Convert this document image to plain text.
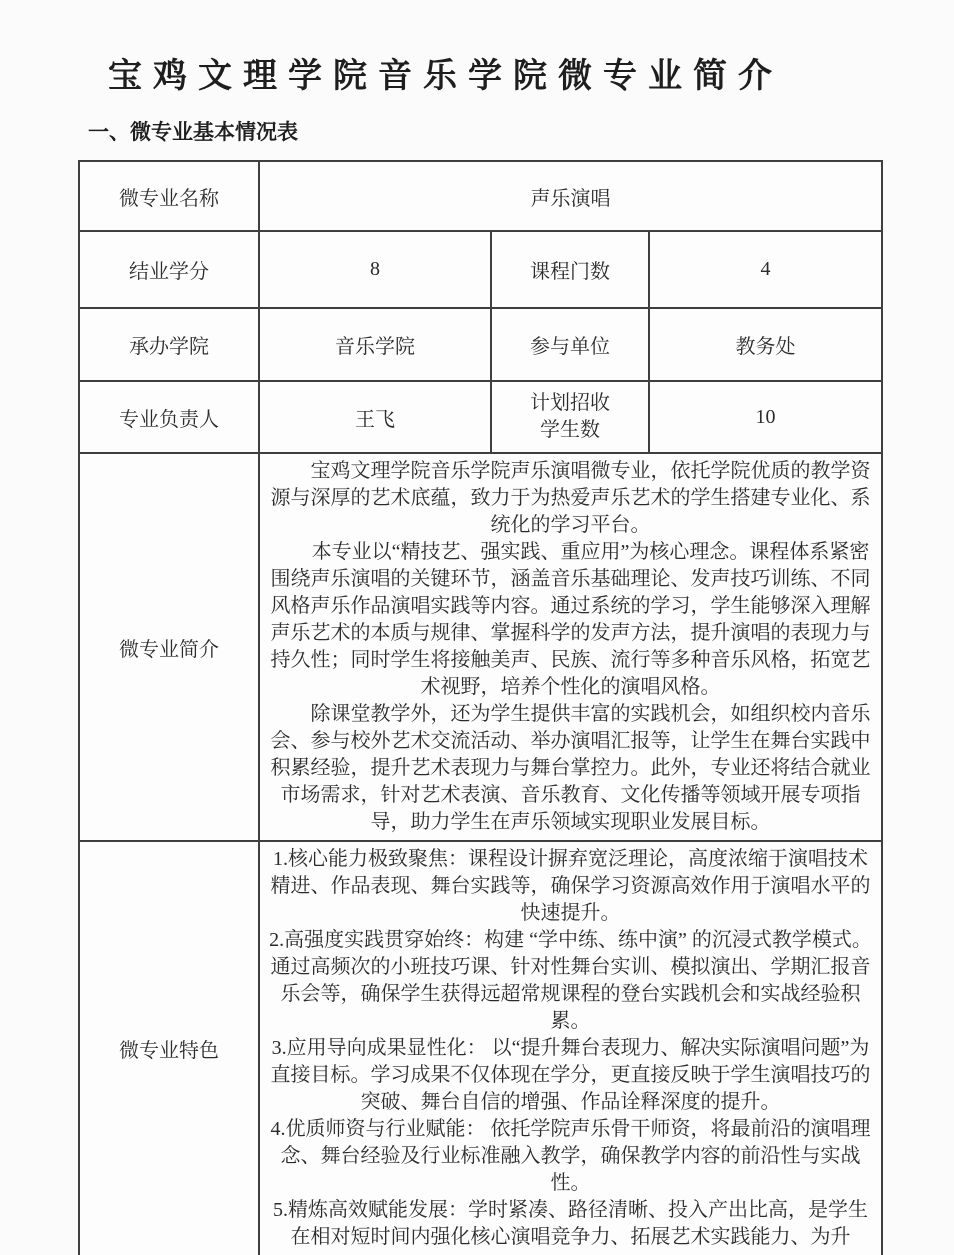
宝鸡文理学院音乐学院微专业简介
一、微专业基本情况表
微专业名称	声乐演唱		
结业学分	8	课程门数	4
承办学院	音乐学院	参与单位	教务处
专业负责人	王飞	计划招收学生数	10
微专业简介	宝鸡文理学院音乐学院声乐演唱微专业，依托学院优质的教学资源与深厚的艺术底蕴，致力于为热爱声乐艺术的学生搭建专业化、系统化的学习平台。

本专业以“精技艺、强实践、重应用”为核心理念。课程体系紧密围绕声乐演唱的关键环节，涵盖音乐基础理论、发声技巧训练、不同风格声乐作品演唱实践等内容。通过系统的学习，学生能够深入理解声乐艺术的本质与规律、掌握科学的发声方法，提升演唱的表现力与持久性；同时学生将接触美声、民族、流行等多种音乐风格，拓宽艺术视野，培养个性化的演唱风格。

除课堂教学外，还为学生提供丰富的实践机会，如组织校内音乐会、参与校外艺术交流活动、举办演唱汇报等，让学生在舞台实践中积累经验，提升艺术表现力与舞台掌控力。此外，专业还将结合就业市场需求，针对艺术表演、音乐教育、文化传播等领域开展专项指导，助力学生在声乐领域实现职业发展目标。		

微专业特色	1.核心能力极致聚焦：课程设计摒弃宽泛理论，高度浓缩于演唱技术精进、作品表现、舞台实践等，确保学习资源高效作用于演唱水平的快速提升。

2.高强度实践贯穿始终：构建 “学中练、练中演” 的沉浸式教学模式。通过高频次的小班技巧课、针对性舞台实训、模拟演出、学期汇报音乐会等，确保学生获得远超常规课程的登台实践机会和实战经验积累。

3.应用导向成果显性化： 以“提升舞台表现力、解决实际演唱问题”为直接目标。学习成果不仅体现在学分，更直接反映于学生演唱技巧的突破、舞台自信的增强、作品诠释深度的提升。

4.优质师资与行业赋能： 依托学院声乐骨干师资，将最前沿的演唱理念、舞台经验及行业标准融入教学，确保教学内容的前沿性与实战性。

5.精炼高效赋能发展：学时紧凑、路径清晰、投入产出比高，是学生在相对短时间内强化核心演唱竞争力、拓展艺术实践能力、为升		
